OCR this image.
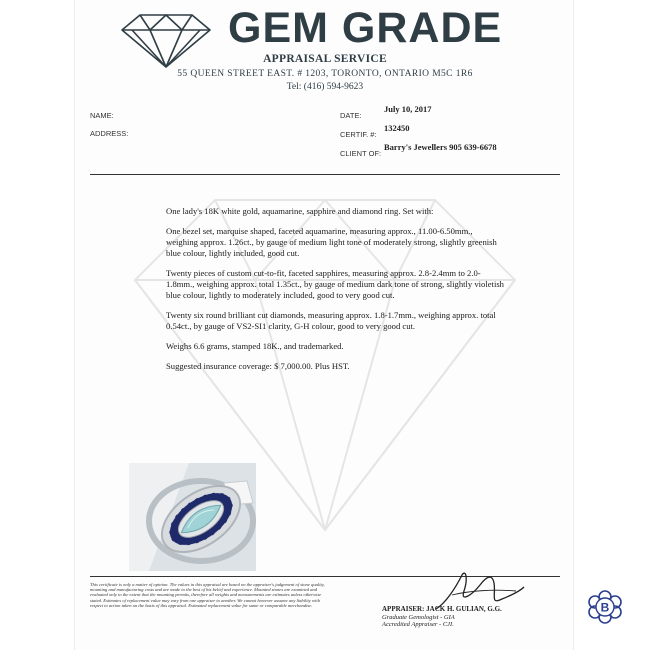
GEM GRADE
APPRAISAL SERVICE
55 QUEEN STREET EAST. # 1203, TORONTO, ONTARIO M5C 1R6
Tel: (416) 594-9623
NAME:
ADDRESS:
DATE:
July 10, 2017
CERTIF. #:
132450
CLIENT OF:
Barry's Jewellers 905 639-6678

One lady's 18K white gold, aquamarine, sapphire and diamond ring. Set with:

One bezel set, marquise shaped, faceted aquamarine, measuring approx., 11.00-6.50mm., weighing approx. 1.26ct., by gauge of medium light tone of moderately strong, slightly greenish blue colour, lightly included, good cut.

Twenty pieces of custom cut-to-fit, faceted sapphires, measuring approx. 2.8-2.4mm to 2.0-1.8mm., weighing approx. total 1.35ct., by gauge of medium dark tone of strong, slightly violetish blue colour, lightly to moderately included, good to very good cut.

Twenty six round brilliant cut diamonds, measuring approx. 1.8-1.7mm., weighing approx. total 0.54ct., by gauge of VS2-SI1 clarity, G-H colour, good to very good cut.

Weighs 6.6 grams, stamped 18K., and trademarked.

Suggested insurance coverage: $ 7,000.00. Plus HST.

This certificate is only a matter of opinion. The values in this appraisal are based on the appraiser's judgement of stone quality, mounting and manufacturing costs and are made to the best of his belief and experience. Mounted stones are examined and evaluated only to the extent that the mounting permits, therefore all weights and measurements are estimates unless otherwise stated. Estimates of replacement value may vary from one appraiser to another. We cannot however assume any liability with respect to action taken on the basis of this appraisal. Estimated replacement value for same or comparable merchandise.	APPRAISER: JACK H. GULIAN, G.G.
Graduate Gemologist - GIA
Accredited Appraiser - CJI.
B
